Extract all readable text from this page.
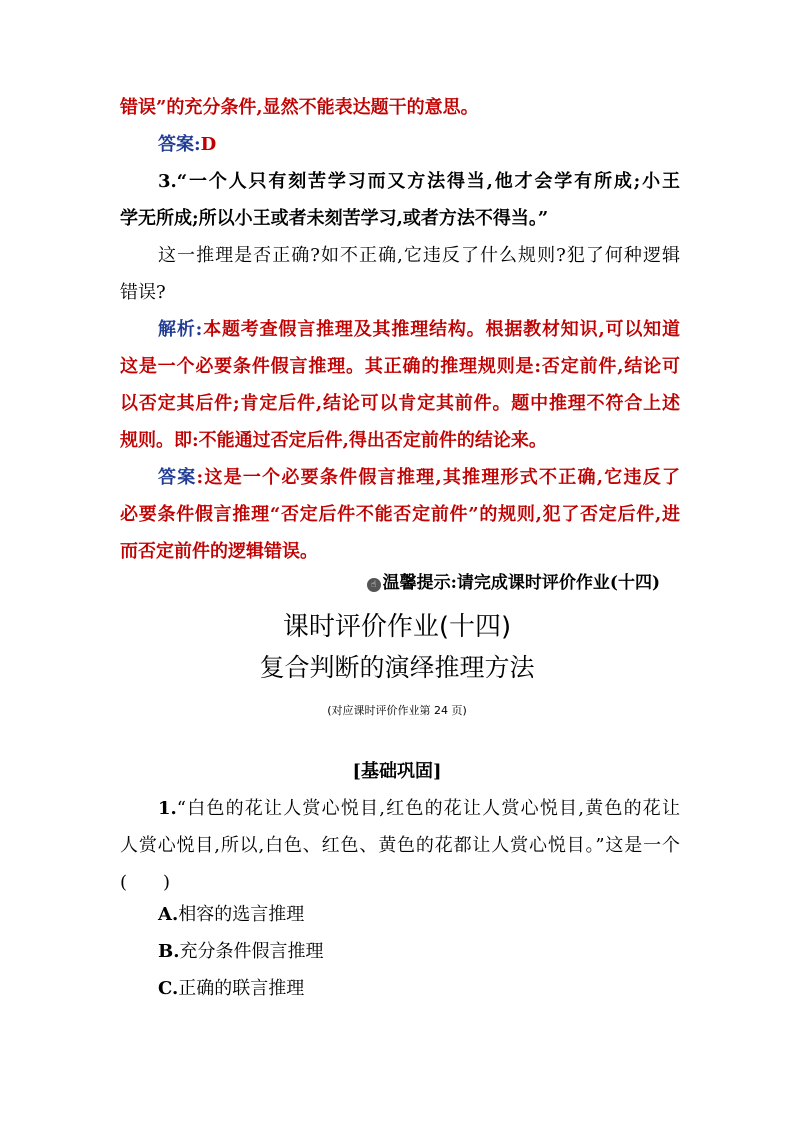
错误”的充分条件,显然不能表达题干的意思。
答案:D
3.“一个人只有刻苦学习而又方法得当,他才会学有所成;小王
学无所成;所以小王或者未刻苦学习,或者方法不得当。”
这一推理是否正确?如不正确,它违反了什么规则?犯了何种逻辑
错误?
解析:本题考查假言推理及其推理结构。根据教材知识,可以知道
这是一个必要条件假言推理。其正确的推理规则是:否定前件,结论可
以否定其后件;肯定后件,结论可以肯定其前件。题中推理不符合上述
规则。即:不能通过否定后件,得出否定前件的结论来。
答案:这是一个必要条件假言推理,其推理形式不正确,它违反了
必要条件假言推理“否定后件不能否定前件”的规则,犯了否定后件,进
而否定前件的逻辑错误。
☝ 温馨提示:请完成课时评价作业(十四)
课时评价作业(十四)
复合判断的演绎推理方法
(对应课时评价作业第 24 页)
[基础巩固]
1.“白色的花让人赏心悦目,红色的花让人赏心悦目,黄色的花让
人赏心悦目,所以,白色、红色、黄色的花都让人赏心悦目。”这是一个
(　　)
A.相容的选言推理
B.充分条件假言推理
C.正确的联言推理
